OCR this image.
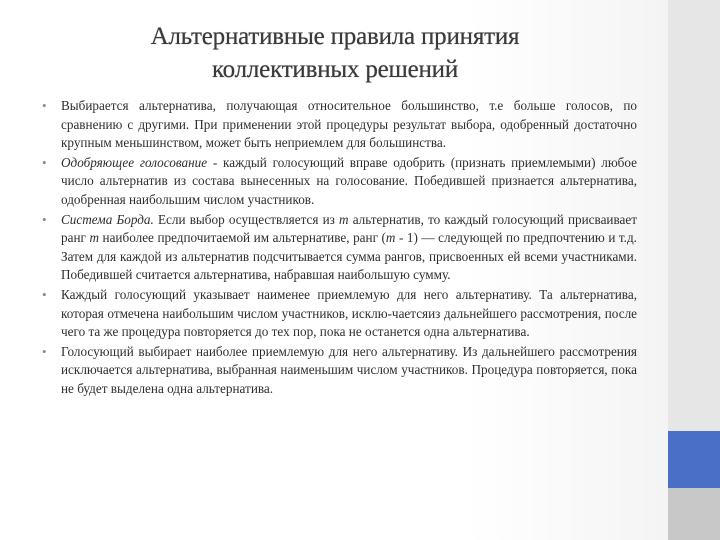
Альтернативные правила принятия
коллективных решений
• Выбирается альтернатива, получающая относительное большинство, т.е больше голосов, по сравнению с другими. При применении этой процедуры результат выбора, одобренный достаточно крупным меньшинством, может быть неприемлем для большинства.
• Одобряющее голосование - каждый голосующий вправе одобрить (признать приемлемыми) любое число альтернатив из состава вынесенных на голосование. Победившей признается альтернатива, одобренная наибольшим числом участников.
• Система Борда. Если выбор осуществляется из m альтернатив, то каждый голосующий присваивает ранг m наиболее предпочитаемой им альтернативе, ранг (m - 1) — следующей по предпочтению и т.д. Затем для каждой из альтернатив подсчитывается сумма рангов, присвоенных ей всеми участниками. Победившей считается альтернатива, набравшая наибольшую сумму.
• Каждый голосующий указывает наименее приемлемую для него альтернативу. Та альтернатива, которая отмечена наибольшим числом участников, исклю-чаетсяиз дальнейшего рассмотрения, после чего та же процедура повторяется до тех пор, пока не останется одна альтернатива.
• Голосующий выбирает наиболее приемлемую для него альтернативу. Из дальнейшего рассмотрения исключается альтернатива, выбранная наименьшим числом участников. Процедура повторяется, пока не будет выделена одна альтернатива.
